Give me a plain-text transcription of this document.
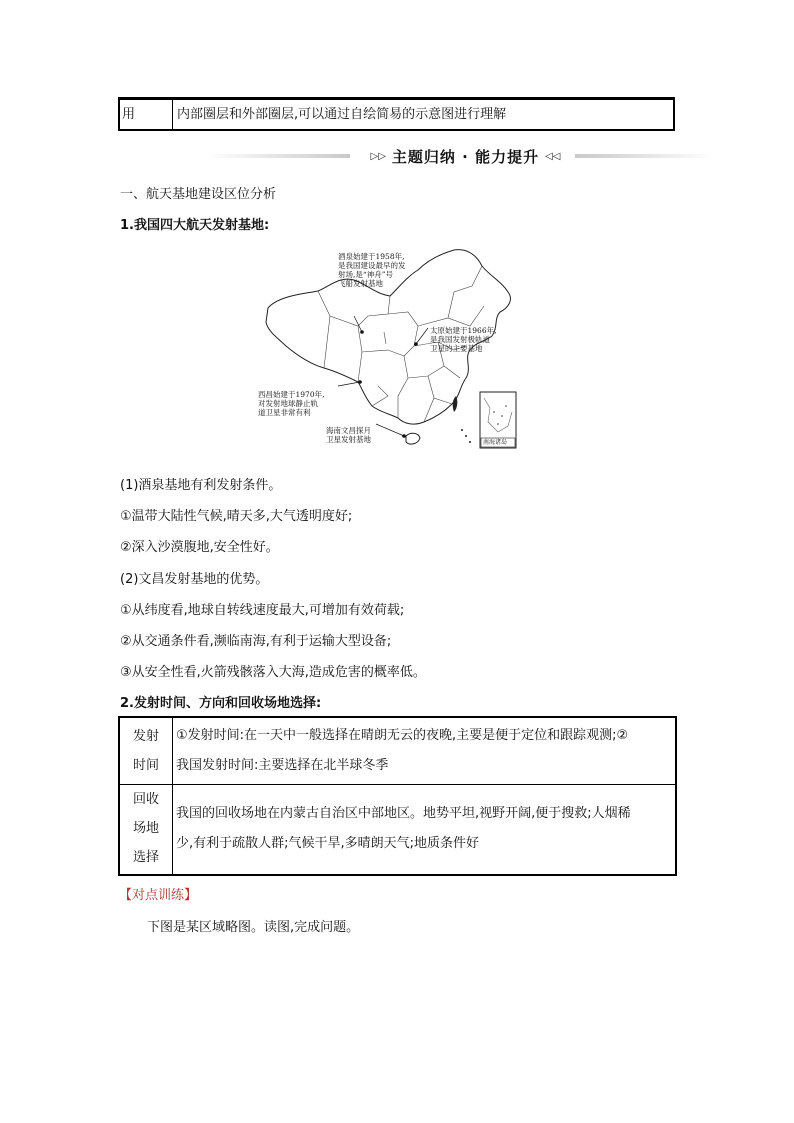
用	内部圈层和外部圈层,可以通过自绘简易的示意图进行理解
▷▷ 主题归纳 · 能力提升 ◁◁
一、航天基地建设区位分析
1.我国四大航天发射基地:
酒泉始建于1958年,
是我国建设最早的发
射场,是“神舟”号
飞船发射基地
太原始建于1966年,
是我国发射极轨道
卫星的主要基地
西昌始建于1970年,
对发射地球静止轨
道卫星非常有利
海南文昌探月
卫星发射基地	南海诸岛
(1)酒泉基地有利发射条件。
①温带大陆性气候,晴天多,大气透明度好;
②深入沙漠腹地,安全性好。
(2)文昌发射基地的优势。
①从纬度看,地球自转线速度最大,可增加有效荷载;
②从交通条件看,濒临南海,有利于运输大型设备;
③从安全性看,火箭残骸落入大海,造成危害的概率低。
2.发射时间、方向和回收场地选择:
发射
时间
①发射时间:在一天中一般选择在晴朗无云的夜晚,主要是便于定位和跟踪观测;②
我国发射时间:主要选择在北半球冬季
回收
场地
选择
我国的回收场地在内蒙古自治区中部地区。地势平坦,视野开阔,便于搜救;人烟稀
少,有利于疏散人群;气候干旱,多晴朗天气;地质条件好
【对点训练】
下图是某区域略图。读图,完成问题。
